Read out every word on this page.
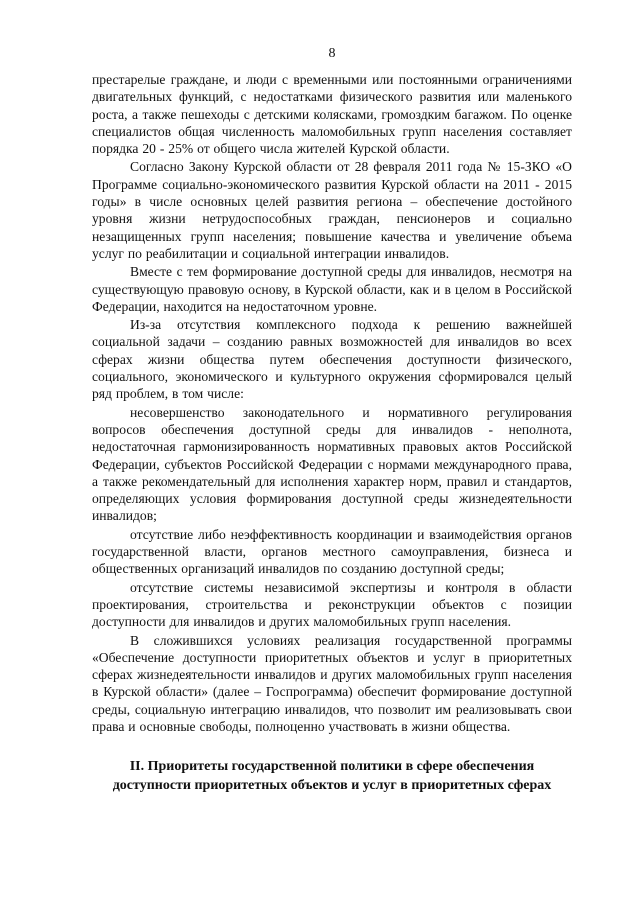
8

престарелые граждане, и люди с временными или постоянными ограничениями двигательных функций, с недостатками физического развития или маленького роста, а также пешеходы с детскими колясками, громоздким багажом. По оценке специалистов общая численность маломобильных групп населения составляет порядка 20 - 25% от общего числа жителей Курской области.

Согласно Закону Курской области от 28 февраля 2011 года № 15-ЗКО «О Программе социально-экономического развития Курской области на 2011 - 2015 годы» в числе основных целей развития региона – обеспечение достойного уровня жизни нетрудоспособных граждан, пенсионеров и социально незащищенных групп населения; повышение качества и увеличение объема услуг по реабилитации и социальной интеграции инвалидов.

Вместе с тем формирование доступной среды для инвалидов, несмотря на существующую правовую основу, в Курской области, как и в целом в Российской Федерации, находится на недостаточном уровне.

Из-за отсутствия комплексного подхода к решению важнейшей социальной задачи – созданию равных возможностей для инвалидов во всех сферах жизни общества путем обеспечения доступности физического, социального, экономического и культурного окружения сформировался целый ряд проблем, в том числе:

несовершенство законодательного и нормативного регулирования вопросов обеспечения доступной среды для инвалидов - неполнота, недостаточная гармонизированность нормативных правовых актов Российской Федерации, субъектов Российской Федерации с нормами международного права, а также рекомендательный для исполнения характер норм, правил и стандартов, определяющих условия формирования доступной среды жизнедеятельности инвалидов;

отсутствие либо неэффективность координации и взаимодействия органов государственной власти, органов местного самоуправления, бизнеса и общественных организаций инвалидов по созданию доступной среды;

отсутствие системы независимой экспертизы и контроля в области проектирования, строительства и реконструкции объектов с позиции доступности для инвалидов и других маломобильных групп населения.

В сложившихся условиях реализация государственной программы «Обеспечение доступности приоритетных объектов и услуг в приоритетных сферах жизнедеятельности инвалидов и других маломобильных групп населения в Курской области» (далее – Госпрограмма) обеспечит формирование доступной среды, социальную интеграцию инвалидов, что позволит им реализовывать свои права и основные свободы, полноценно участвовать в жизни общества.

II. Приоритеты государственной политики в сфере обеспечения
доступности приоритетных объектов и услуг в приоритетных сферах
